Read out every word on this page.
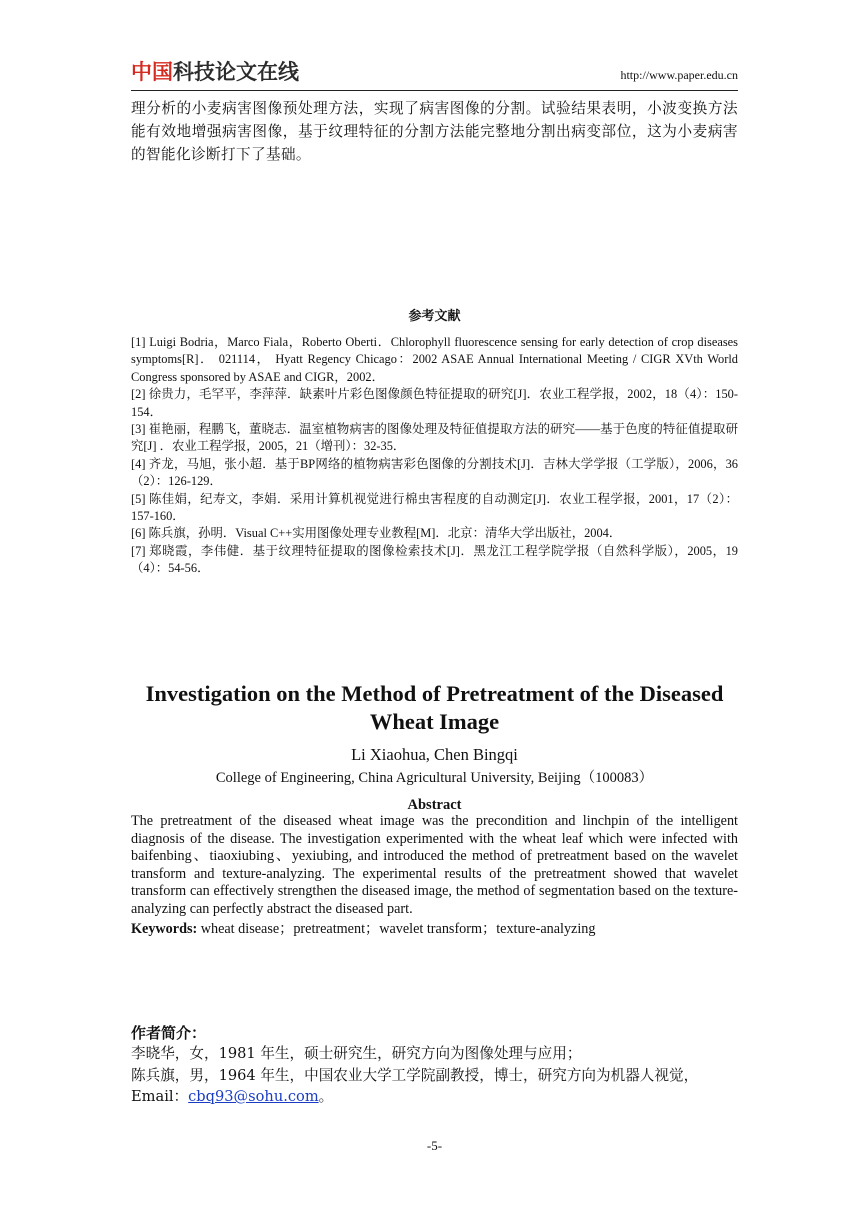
中国科技论文在线	http://www.paper.edu.cn
理分析的小麦病害图像预处理方法，实现了病害图像的分割。试验结果表明，小波变换方法能有效地增强病害图像，基于纹理特征的分割方法能完整地分割出病变部位，这为小麦病害的智能化诊断打下了基础。
参考文献
[1] Luigi Bodria，Marco Fiala，Roberto Oberti．Chlorophyll fluorescence sensing for early detection of crop diseases symptoms[R]． 021114， Hyatt Regency Chicago：2002 ASAE Annual International Meeting / CIGR XVth World Congress sponsored by ASAE and CIGR，2002．
[2] 徐贵力，毛罕平，李萍萍．缺素叶片彩色图像颜色特征提取的研究[J]．农业工程学报，2002，18（4）：150-154．
[3] 崔艳丽，程鹏飞，董晓志．温室植物病害的图像处理及特征值提取方法的研究——基于色度的特征值提取研究[J] ．农业工程学报，2005，21（增刊）：32-35．
[4] 齐龙，马旭，张小超．基于BP网络的植物病害彩色图像的分割技术[J]．吉林大学学报（工学版），2006，36（2）：126-129．
[5] 陈佳娟，纪寿文，李娟．采用计算机视觉进行棉虫害程度的自动测定[J]．农业工程学报，2001，17（2）：157-160．
[6] 陈兵旗，孙明．Visual C++实用图像处理专业教程[M]．北京：清华大学出版社，2004．
[7] 郑晓霞，李伟健．基于纹理特征提取的图像检索技术[J]．黑龙江工程学院学报（自然科学版），2005，19（4）：54-56．
Investigation on the Method of Pretreatment of the Diseased Wheat Image
Li Xiaohua, Chen Bingqi
College of Engineering, China Agricultural University, Beijing（100083）
Abstract
The pretreatment of the diseased wheat image was the precondition and linchpin of the intelligent diagnosis of the disease. The investigation experimented with the wheat leaf which were infected with baifenbing、tiaoxiubing、yexiubing, and introduced the method of pretreatment based on the wavelet transform and texture-analyzing. The experimental results of the pretreatment showed that wavelet transform can effectively strengthen the diseased image, the method of segmentation based on the texture- analyzing can perfectly abstract the diseased part.
Keywords: wheat disease；pretreatment；wavelet transform；texture-analyzing
作者简介：
李晓华，女，1981 年生，硕士研究生，研究方向为图像处理与应用；
陈兵旗，男，1964 年生，中国农业大学工学院副教授，博士，研究方向为机器人视觉，Email：cbq93@sohu.com。
-5-
